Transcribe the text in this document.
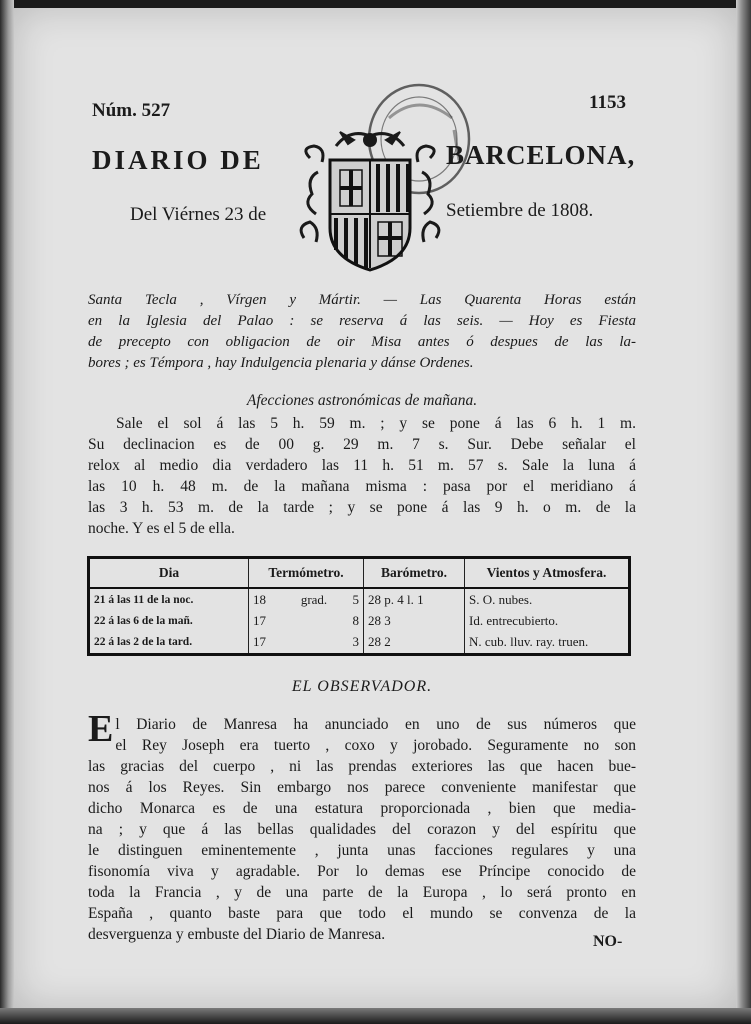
Núm. 527	1153
DIARIO DE	BARCELONA,
Del Viérnes 23 de	Setiembre de 1808.
Santa Tecla , Vírgen y Mártir. — Las Quarenta Horas están
en la Iglesia del Palao : se reserva á las seis. — Hoy es Fiesta
de precepto con obligacion de oir Misa antes ó despues de las la-
bores ; es Témpora , hay Indulgencia plenaria y dánse Ordenes.
Afecciones astronómicas de mañana.
Sale el sol á las 5 h. 59 m. ; y se pone á las 6 h. 1 m.
Su declinacion es de 00 g. 29 m. 7 s. Sur. Debe señalar el
relox al medio dia verdadero las 11 h. 51 m. 57 s. Sale la luna á
las 10 h. 48 m. de la mañana misma : pasa por el meridiano á
las 3 h. 53 m. de la tarde ; y se pone á las 9 h. o m. de la
noche. Y es el 5 de ella.
Dia	Termómetro.			Barómetro.	Vientos y Atmosfera.
21 á las 11 de la noc.	18	grad.	5	28 p. 4 l. 1	S. O. nubes.
22 á las 6 de la mañ.	17		8	28 3	Id. entrecubierto.
22 á las 2 de la tard.	17		3	28 2	N. cub. lluv. ray. truen.
EL OBSERVADOR.
El Diario de Manresa ha anunciado en uno de sus números que
el Rey Joseph era tuerto , coxo y jorobado. Seguramente no son
las gracias del cuerpo , ni las prendas exteriores las que hacen bue-
nos á los Reyes. Sin embargo nos parece conveniente manifestar que
dicho Monarca es de una estatura proporcionada , bien que media-
na ; y que á las bellas qualidades del corazon y del espíritu que
le distinguen eminentemente , junta unas facciones regulares y una
fisonomía viva y agradable. Por lo demas ese Príncipe conocido de
toda la Francia , y de una parte de la Europa , lo será pronto en
España , quanto baste para que todo el mundo se convenza de la
desverguenza y embuste del Diario de Manresa.	NO-
